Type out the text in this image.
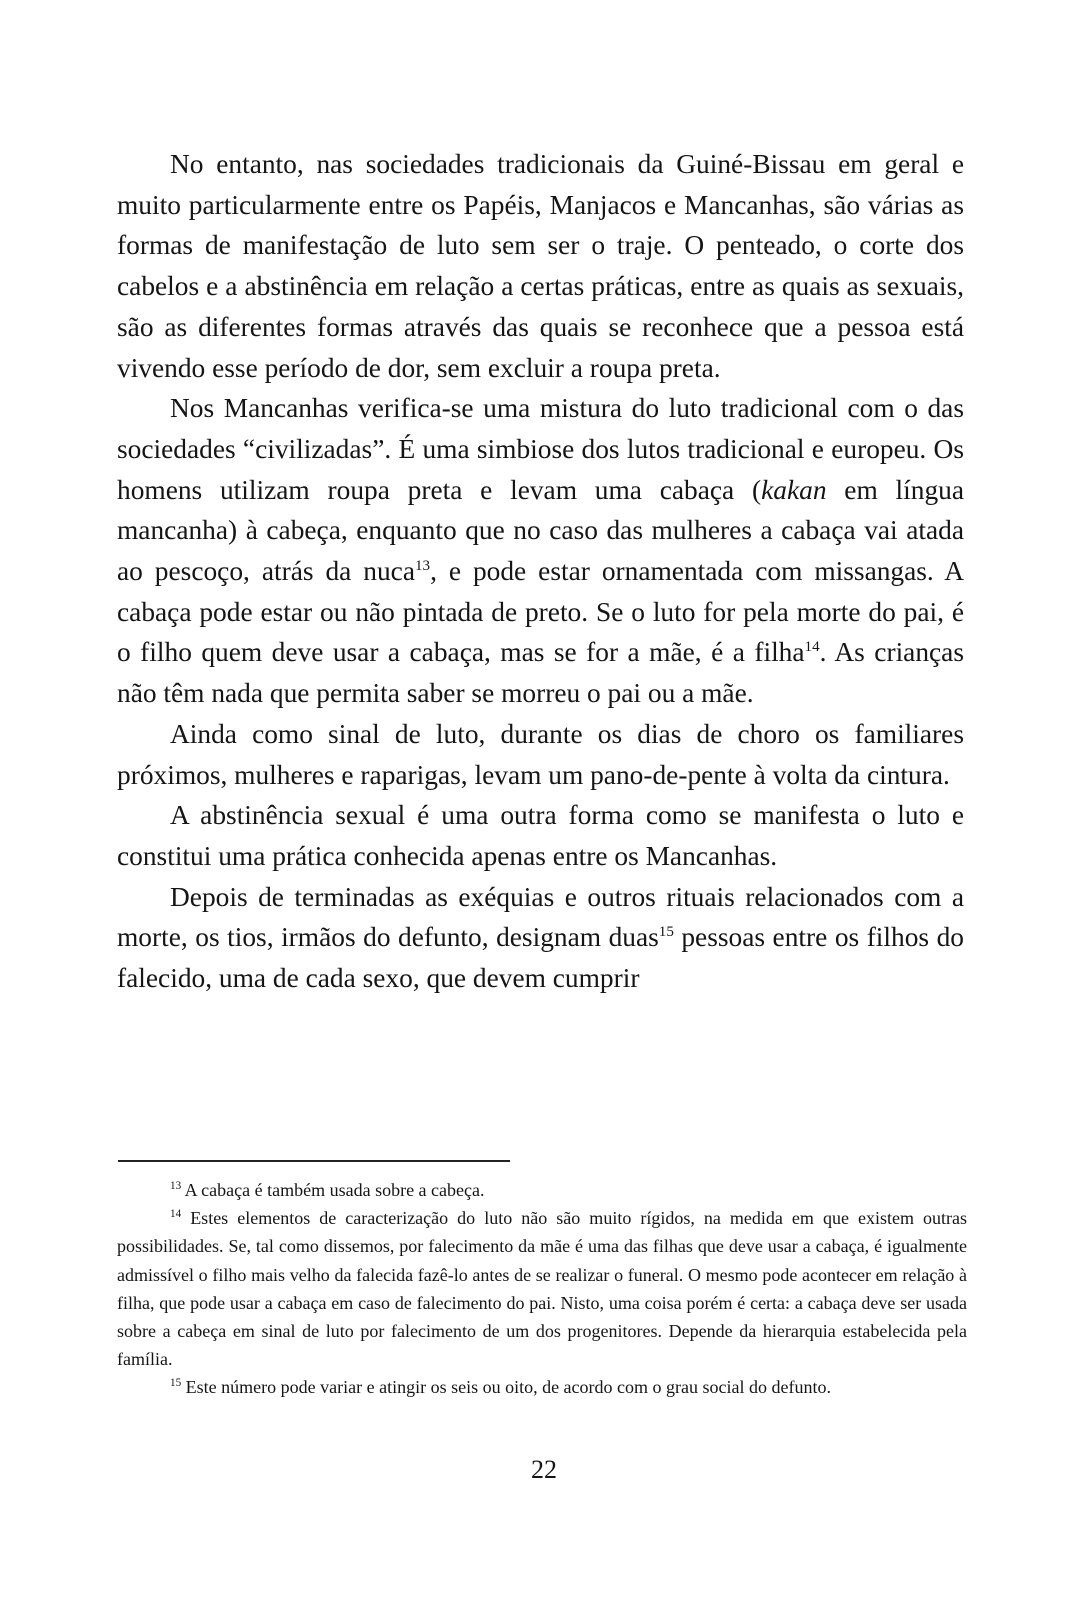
No entanto, nas sociedades tradicionais da Guiné-Bissau em geral e muito particularmente entre os Papéis, Manjacos e Mancanhas, são várias as formas de manifestação de luto sem ser o traje. O penteado, o corte dos cabelos e a abstinência em relação a certas práticas, entre as quais as sexuais, são as diferentes formas através das quais se reconhece que a pessoa está vivendo esse período de dor, sem excluir a roupa preta.

Nos Mancanhas verifica-se uma mistura do luto tradicional com o das sociedades “civilizadas”. É uma simbiose dos lutos tradicional e europeu. Os homens utilizam roupa preta e levam uma cabaça (kakan em língua mancanha) à cabeça, enquanto que no caso das mulheres a cabaça vai atada ao pescoço, atrás da nuca$^{13}$, e pode estar ornamentada com missangas. A cabaça pode estar ou não pintada de preto. Se o luto for pela morte do pai, é o filho quem deve usar a cabaça, mas se for a mãe, é a filha$^{14}$. As crianças não têm nada que permita saber se morreu o pai ou a mãe.

Ainda como sinal de luto, durante os dias de choro os familiares próximos, mulheres e raparigas, levam um pano-de-pente à volta da cintura.

A abstinência sexual é uma outra forma como se manifesta o luto e constitui uma prática conhecida apenas entre os Mancanhas.

Depois de terminadas as exéquias e outros rituais relacionados com a morte, os tios, irmãos do defunto, designam duas$^{15}$ pessoas entre os filhos do falecido, uma de cada sexo, que devem cumprir

$^{13}$ A cabaça é também usada sobre a cabeça.

$^{14}$ Estes elementos de caracterização do luto não são muito rígidos, na medida em que existem outras possibilidades. Se, tal como dissemos, por falecimento da mãe é uma das filhas que deve usar a cabaça, é igualmente admissível o filho mais velho da falecida fazê-lo antes de se realizar o funeral. O mesmo pode acontecer em relação à filha, que pode usar a cabaça em caso de falecimento do pai. Nisto, uma coisa porém é certa: a cabaça deve ser usada sobre a cabeça em sinal de luto por falecimento de um dos progenitores. Depende da hierarquia estabelecida pela família.

$^{15}$ Este número pode variar e atingir os seis ou oito, de acordo com o grau social do defunto.

22
